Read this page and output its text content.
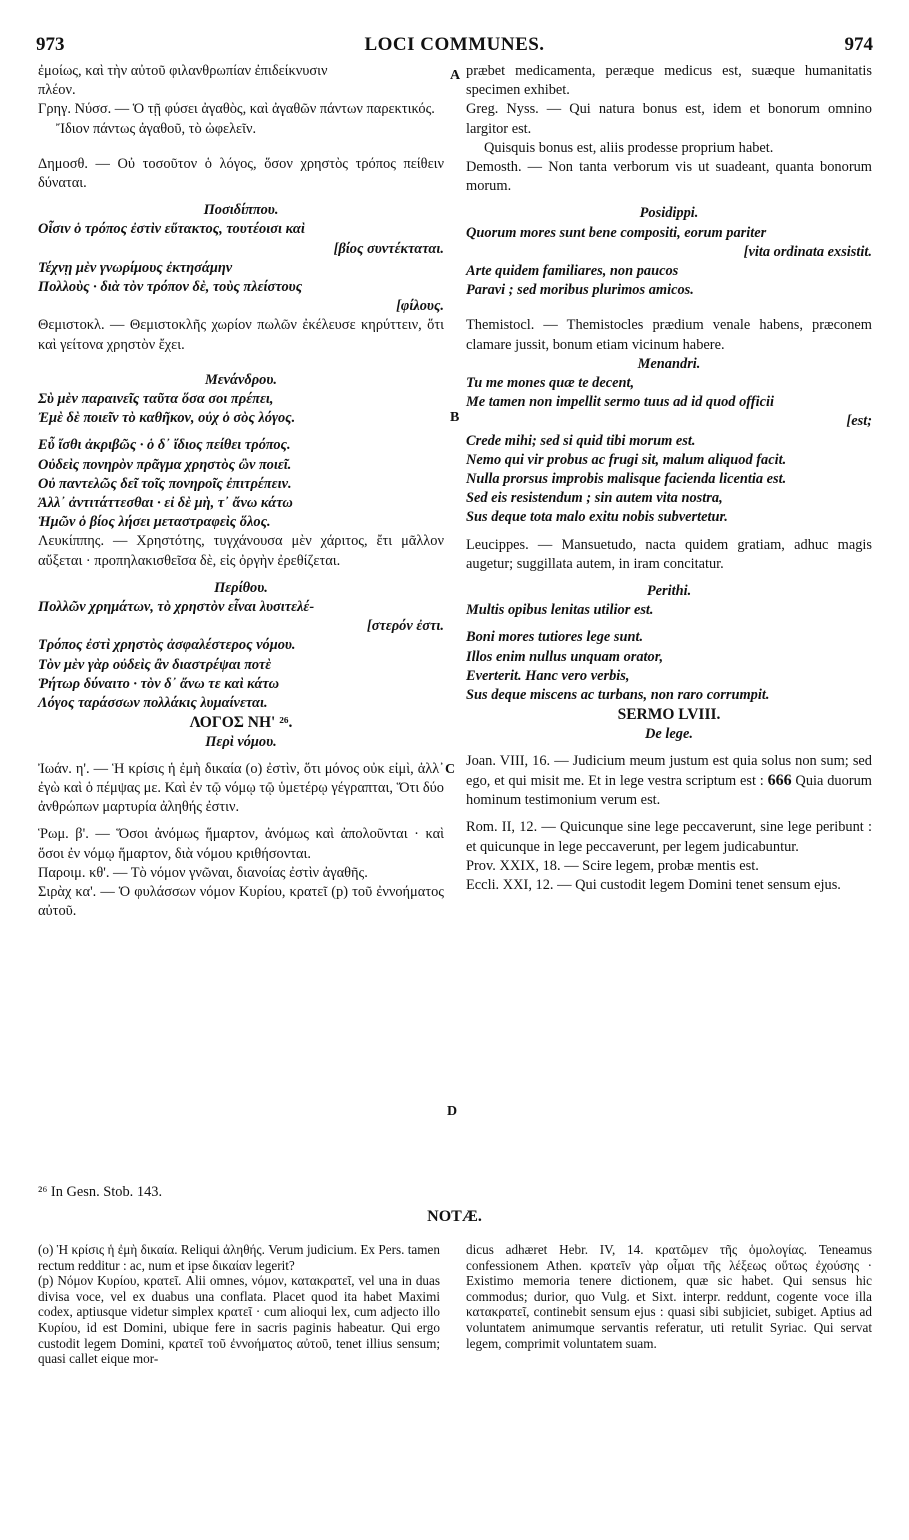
973	LOCI COMMUNES.	974
A
B
C
D

ἐμοίως, καὶ τὴν αὐτοῦ φιλανθρωπίαν ἐπιδείκνυσιν

πλέον.

Γρηγ. Νύσσ. — Ὁ τῇ φύσει ἀγαθὸς, καὶ ἀγαθῶν πάντων παρεκτικός.

Ἴδιον πάντως ἀγαθοῦ, τὸ ὠφελεῖν.

Δημοσθ. — Οὐ τοσοῦτον ὁ λόγος, ὅσον χρηστὸς τρόπος πείθειν δύναται.

Ποσιδίππου.

Οἷσιν ὁ τρόπος ἐστὶν εὔτακτος, τουτέοισι καὶ

[βίος συντέκταται.

Τέχνῃ μὲν γνωρίμους ἐκτησάμην

Πολλοὺς · διὰ τὸν τρόπον δὲ, τοὺς πλείστους

[φίλους.

Θεμιστοκλ. — Θεμιστοκλῆς χωρίον πωλῶν ἐκέλευσε κηρύττειν, ὅτι καὶ γείτονα χρηστὸν ἔχει.

Μενάνδρου.

Σὺ μὲν παραινεῖς ταῦτα ὅσα σοι πρέπει,

Ἐμὲ δὲ ποιεῖν τὸ καθῆκον, οὐχ ὁ σὸς λόγος.

Εὖ ἴσθι ἀκριβῶς · ὁ δ᾽ ἴδιος πείθει τρόπος.

Οὐδεὶς πονηρὸν πρᾶγμα χρηστὸς ὢν ποιεῖ.

Οὐ παντελῶς δεῖ τοῖς πονηροῖς ἐπιτρέπειν.

Ἀλλ᾽ ἀντιτάττεσθαι · εἰ δὲ μὴ, τ᾽ ἄνω κάτω

Ἡμῶν ὁ βίος λήσει μεταστραφεὶς ὅλος.

Λευκίππης. — Χρηστότης, τυγχάνουσα μὲν χάριτος, ἔτι μᾶλλον αὔξεται · προπηλακισθεῖσα δὲ, εἰς ὀργὴν ἐρεθίζεται.

Περίθου.

Πολλῶν χρημάτων, τὸ χρηστὸν εἶναι λυσιτελέ-

[στερόν ἐστι.

Τρόπος ἐστὶ χρηστὸς ἀσφαλέστερος νόμου.

Τὸν μὲν γὰρ οὐδεὶς ἂν διαστρέψαι ποτὲ

Ῥήτωρ δύναιτο · τὸν δ᾽ ἄνω τε καὶ κάτω

Λόγος ταράσσων πολλάκις λυμαίνεται.

ΛΟΓΟΣ ΝΗ' ²⁶.

Περὶ νόμου.

Ἰωάν. η'. — Ἡ κρίσις ἡ ἐμὴ δικαία (ο) ἐστὶν, ὅτι μόνος οὐκ εἰμὶ, ἀλλ᾽ ἐγὼ καὶ ὁ πέμψας με. Καὶ ἐν τῷ νόμῳ τῷ ὑμετέρῳ γέγραπται, Ὅτι δύο ἀνθρώπων μαρτυρία ἀληθής ἐστιν.

Ῥωμ. β'. — Ὅσοι ἀνόμως ἥμαρτον, ἀνόμως καὶ ἀπολοῦνται · καὶ ὅσοι ἐν νόμῳ ἥμαρτον, διὰ νόμου κριθήσονται.

Παροιμ. κθ'. — Τὸ νόμον γνῶναι, διανοίας ἐστὶν ἀγαθῆς.

Σιρὰχ κα'. — Ὁ φυλάσσων νόμον Κυρίου, κρατεῖ (p) τοῦ ἐννοήματος αὐτοῦ.

præbet medicamenta, peræque medicus est, suæque humanitatis specimen exhibet.

Greg. Nyss. — Qui natura bonus est, idem et bonorum omnino largitor est.

Quisquis bonus est, aliis prodesse proprium habet.

Demosth. — Non tanta verborum vis ut suadeant, quanta bonorum morum.

Posidippi.

Quorum mores sunt bene compositi, eorum pariter

[vita ordinata exsistit.

Arte quidem familiares, non paucos

Paravi ; sed moribus plurimos amicos.

Themistocl. — Themistocles prædium venale habens, præconem clamare jussit, bonum etiam vicinum habere.

Menandri.

Tu me mones quæ te decent,

Me tamen non impellit sermo tuus ad id quod officii

[est;

Crede mihi; sed si quid tibi morum est.

Nemo qui vir probus ac frugi sit, malum aliquod facit.

Nulla prorsus improbis malisque facienda licentia est.

Sed eis resistendum ; sin autem vita nostra,

Sus deque tota malo exitu nobis subvertetur.

Leucippes. — Mansuetudo, nacta quidem gratiam, adhuc magis augetur; suggillata autem, in iram concitatur.

Perithi.

Multis opibus lenitas utilior est.

Boni mores tutiores lege sunt.

Illos enim nullus unquam orator,

Everterit. Hanc vero verbis,

Sus deque miscens ac turbans, non raro corrumpit.

SERMO LVIII.

De lege.

Joan. VIII, 16. — Judicium meum justum est quia solus non sum; sed ego, et qui misit me. Et in lege vestra scriptum est : 666 Quia duorum hominum testimonium verum est.

Rom. II, 12. — Quicunque sine lege peccaverunt, sine lege peribunt : et quicunque in lege peccaverunt, per legem judicabuntur.

Prov. XXIX, 18. — Scire legem, probæ mentis est.

Eccli. XXI, 12. — Qui custodit legem Domini tenet sensum ejus.

²⁶ In Gesn. Stob. 143.
NOTÆ.

(o) Ἡ κρίσις ἡ ἐμὴ δικαία. Reliqui ἀληθής. Verum judicium. Ex Pers. tamen rectum redditur : ac, num et ipse δικαίαν legerit?

(p) Νόμον Κυρίου, κρατεῖ. Alii omnes, νόμον, κατακρατεῖ, vel una in duas divisa voce, vel ex duabus una conflata. Placet quod ita habet Maximi codex, aptiusque videtur simplex κρατεῖ · cum alioqui lex, cum adjecto illo Κυρίου, id est Domini, ubique fere in sacris paginis habeatur. Qui ergo custodit legem Domini, κρατεῖ τοῦ ἐννοήματος αὐτοῦ, tenet illius sensum; quasi callet eique mor-

dicus adhæret Hebr. IV, 14. κρατῶμεν τῆς ὁμολογίας. Teneamus confessionem Athen. κρατεῖν γὰρ οἶμαι τῆς λέξεως οὕτως ἐχούσης · Existimo memoria tenere dictionem, quæ sic habet. Qui sensus hic commodus; durior, quo Vulg. et Sixt. interpr. reddunt, cogente voce illa κατακρατεῖ, continebit sensum ejus : quasi sibi subjiciet, subiget. Aptius ad voluntatem animumque servantis referatur, uti retulit Syriac. Qui servat legem, comprimit voluntatem suam.
